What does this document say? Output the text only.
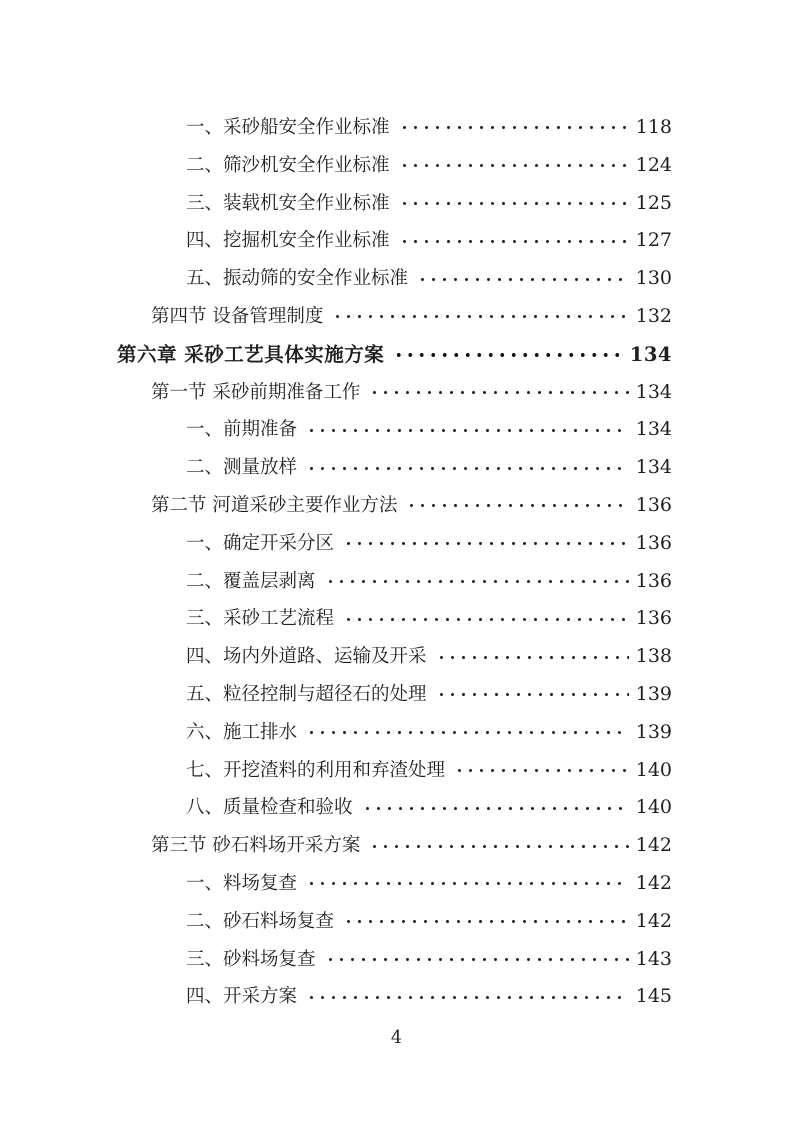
一、采砂船安全作业标准	118
二、筛沙机安全作业标准	124
三、装载机安全作业标准	125
四、挖掘机安全作业标准	127
五、振动筛的安全作业标准	130
第四节 设备管理制度	132
第六章 采砂工艺具体实施方案	134
第一节 采砂前期准备工作	134
一、前期准备	134
二、测量放样	134
第二节 河道采砂主要作业方法	136
一、确定开采分区	136
二、覆盖层剥离	136
三、采砂工艺流程	136
四、场内外道路、运输及开采	138
五、粒径控制与超径石的处理	139
六、施工排水	139
七、开挖渣料的利用和弃渣处理	140
八、质量检查和验收	140
第三节 砂石料场开采方案	142
一、料场复查	142
二、砂石料场复查	142
三、砂料场复查	143
四、开采方案	145
4
